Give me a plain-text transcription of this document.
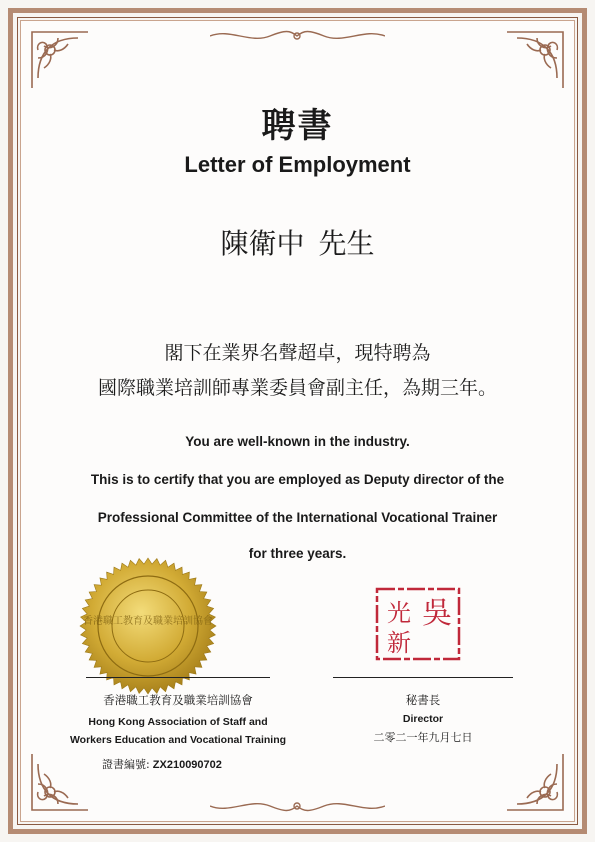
聘書
Letter of Employment
陳衛中 先生
閣下在業界名聲超卓，現特聘為
國際職業培訓師專業委員會副主任，為期三年。
You are well-known in the industry.
This is to certify that you are employed as Deputy director of the
Professional Committee of the International Vocational Trainer
for three years.
香港職工教育及職業培訓協會	吳
光
新
香港職工教育及職業培訓協會
Hong Kong Association of Staff and
Workers Education and Vocational Training
證書編號: ZX210090702
秘書長
Director
二零二一年九月七日
